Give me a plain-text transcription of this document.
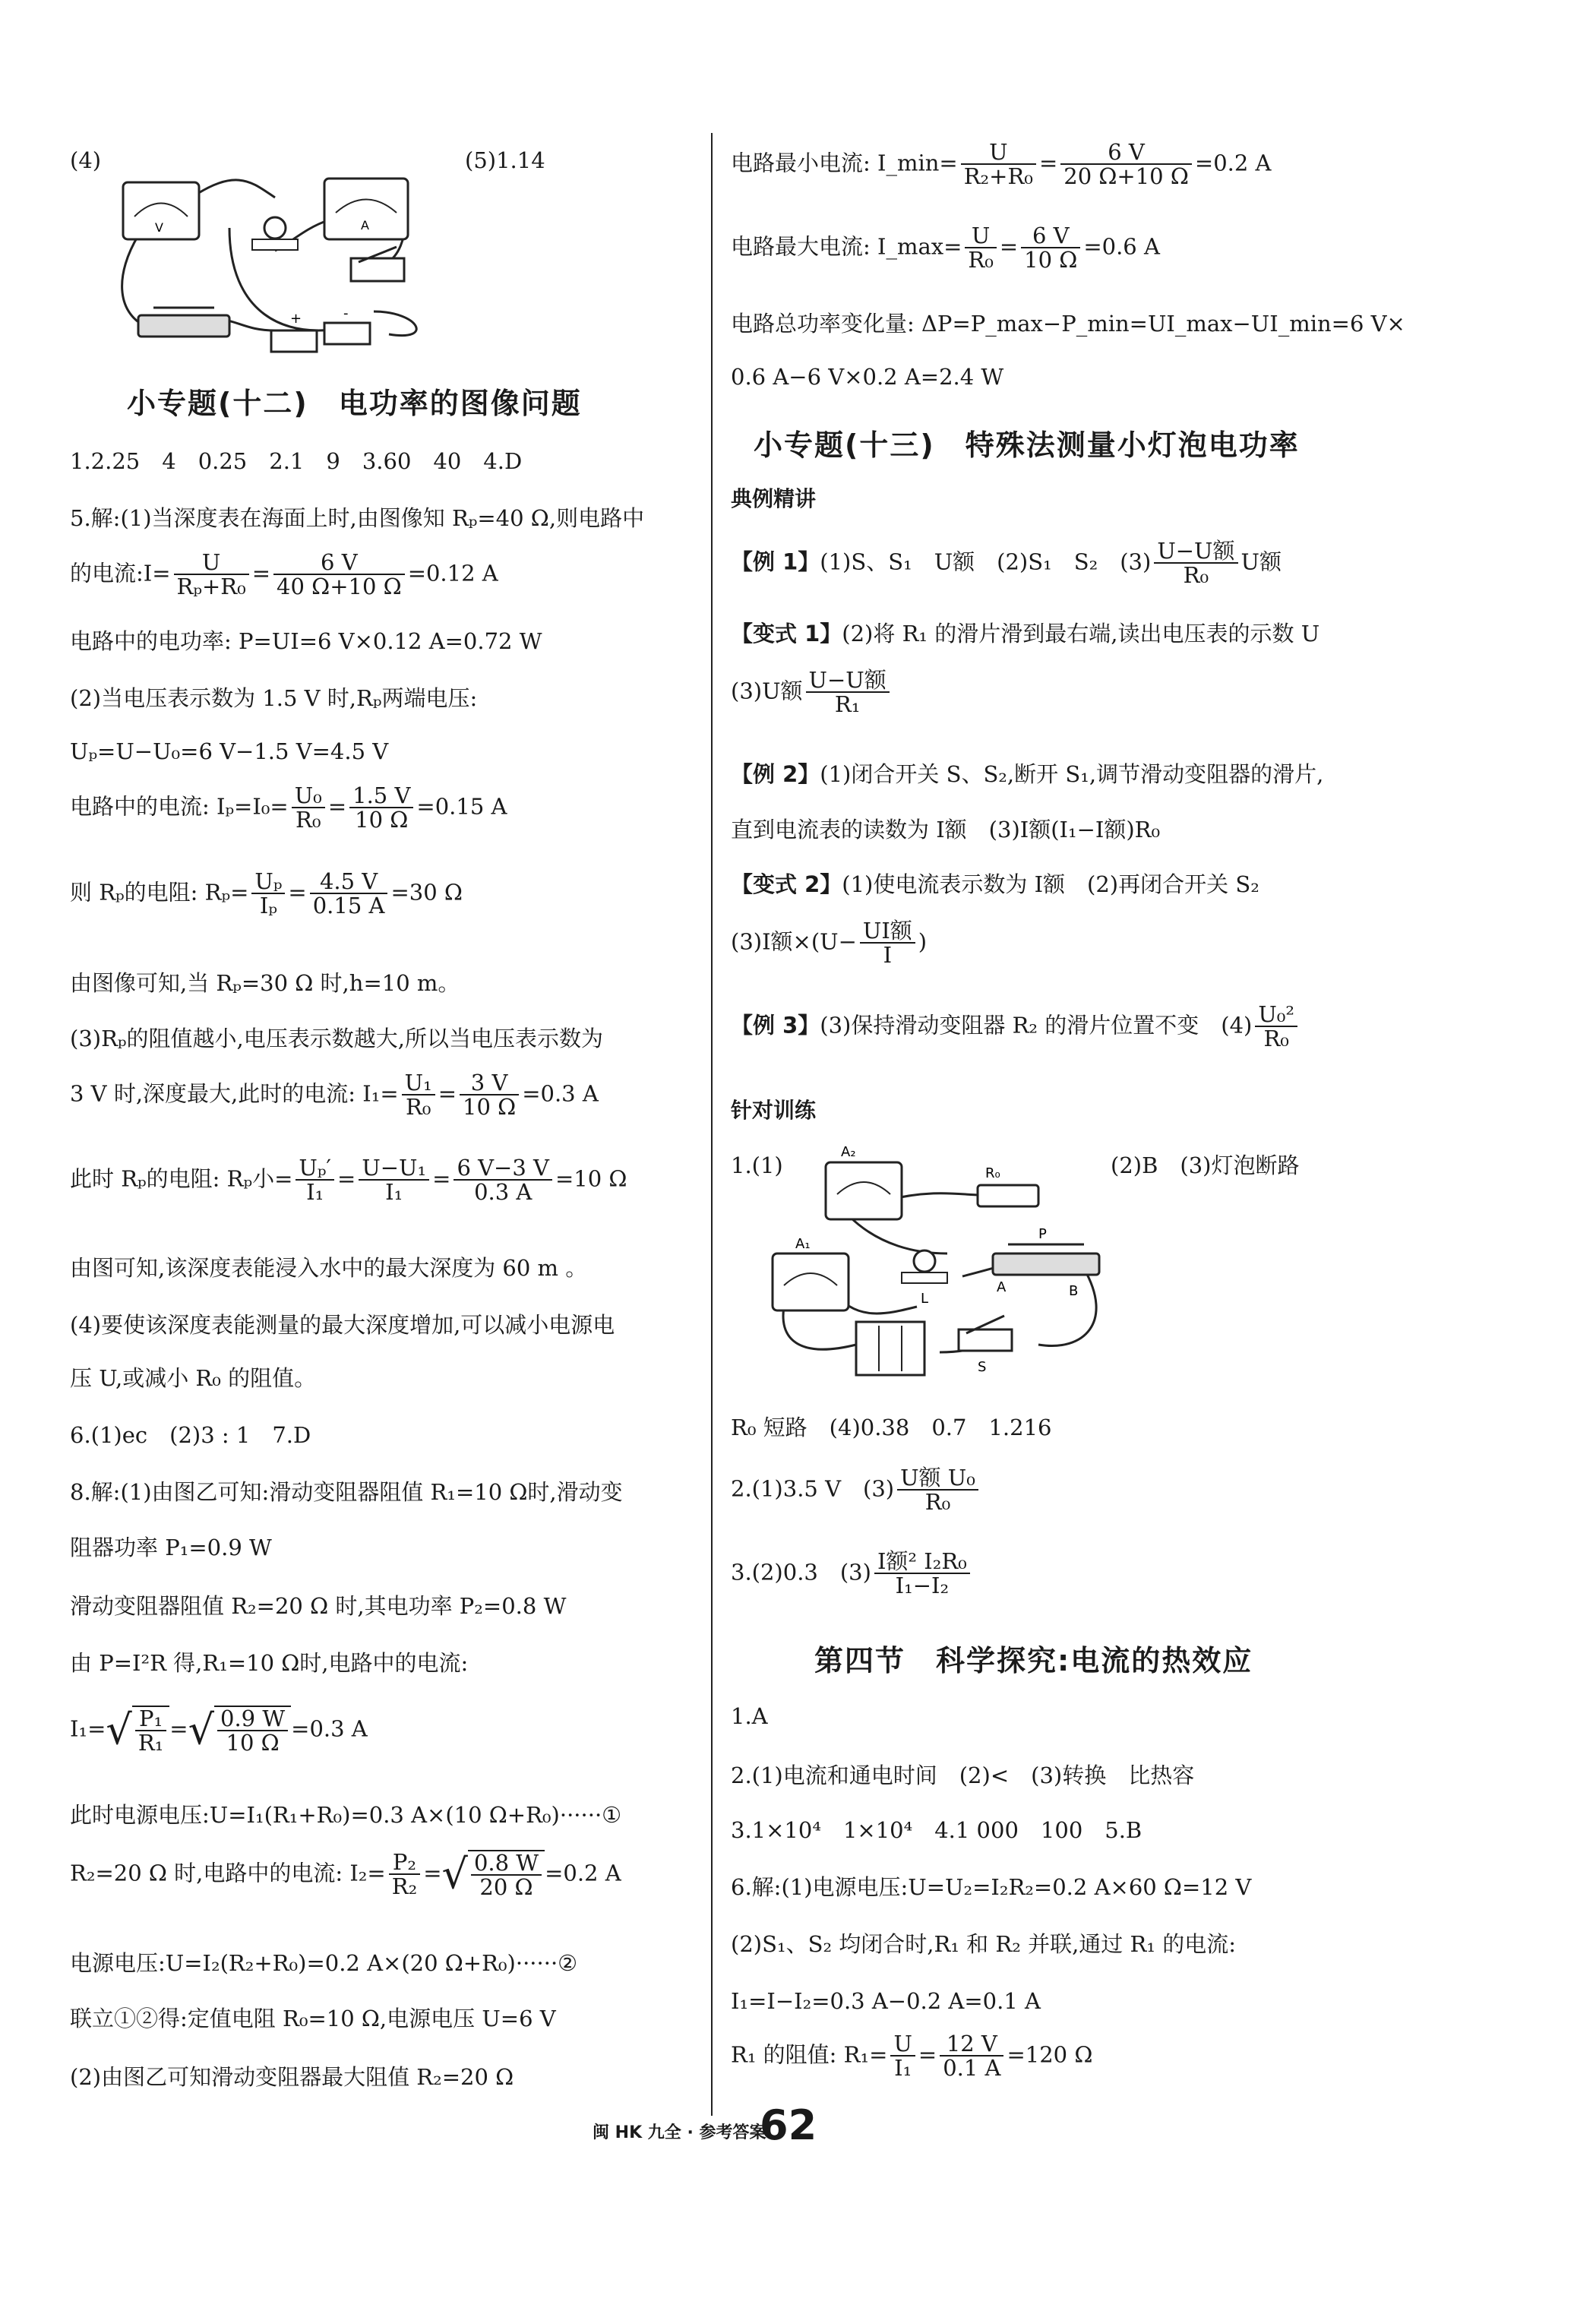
(4)	(5)1.14
V	A
+	-
小专题(十二)　电功率的图像问题
1.2.25　4　0.25　2.1　9　3.60　40　4.D
5.解:(1)当深度表在海面上时,由图像知 Rₚ=40 Ω,则电路中
的电流:I= $\frac{U}{\text{Rₚ+R₀}} = \frac{6 V}{40 \Omega+10 \Omega} =0.12$ A
电路中的电功率: P=UI=6 V×0.12 A=0.72 W
(2)当电压表示数为 1.5 V 时,Rₚ两端电压:
Uₚ=U−U₀=6 V−1.5 V=4.5 V
电路中的电流: $I_p=I_0= \frac{\text{U₀}}{\text{R₀}} = \frac{1.5 V}{10 \Omega} =0.15$ A
则 Rₚ的电阻: $R_p= \frac{\text{Uₚ}}{\text{Iₚ}} = \frac{4.5 V}{0.15 A} =30$ Ω
由图像可知,当 Rₚ=30 Ω 时,h=10 m。
(3)Rₚ的阻值越小,电压表示数越大,所以当电压表示数为
3 V 时,深度最大,此时的电流: $I_1= \frac{\text{U₁}}{\text{R₀}} = \frac{3 V}{10 \Omega} =0.3$ A
此时 Rₚ的电阻: Rₚ小= $\frac{\text{Uₚ′}}{\text{I₁}} = \frac{\text{U−U₁}}{\text{I₁}} = \frac{6 V-3 V}{0.3 A} =10$ Ω
由图可知,该深度表能浸入水中的最大深度为 60 m 。
(4)要使该深度表能测量的最大深度增加,可以减小电源电
压 U,或减小 R₀ 的阻值。
6.(1)ec　(2)3 : 1　7.D
8.解:(1)由图乙可知:滑动变阻器阻值 R₁=10 Ω时,滑动变
阻器功率 P₁=0.9 W
滑动变阻器阻值 R₂=20 Ω 时,其电功率 P₂=0.8 W
由 P=I²R 得,R₁=10 Ω时,电路中的电流:
$I_1=√ \frac{\text{P₁}}{\text{R₁}}$ =√ $\frac{0.9 W}{10 \Omega} =0.3$ A
此时电源电压:U=I₁(R₁+R₀)=0.3 A×(10 Ω+R₀)······①
R₂=20 Ω 时,电路中的电流: $I_2= \frac{\text{P₂}}{\text{R₂}}$ =√ $\frac{0.8 W}{20 \Omega} =0.2$ A
电源电压:U=I₂(R₂+R₀)=0.2 A×(20 Ω+R₀)······②
联立①②得:定值电阻 R₀=10 Ω,电源电压 U=6 V
(2)由图乙可知滑动变阻器最大阻值 R₂=20 Ω
电路最小电流: I_min= $\frac{U}{\text{R₂+R₀}} = \frac{6 V}{20 \Omega+10 \Omega} =0.2$ A
电路最大电流: I_max= $\frac{U}{\text{R₀}} = \frac{6 V}{10 \Omega} =0.6$ A
电路总功率变化量: ΔP=P_max−P_min=UI_max−UI_min=6 V×
0.6 A−6 V×0.2 A=2.4 W
小专题(十三)　特殊法测量小灯泡电功率
典例精讲
【例 1】(1)S、S₁　U额　(2)S₁　S₂　$(3) \frac{\text{U−U额}}{\text{R₀}}$ U额
【变式 1】(2)将 R₁ 的滑片滑到最右端,读出电压表的示数 U
(3)U额 $\frac{\text{U−U额}}{\text{R₁}}$
【例 2】(1)闭合开关 S、S₂,断开 S₁,调节滑动变阻器的滑片,
直到电流表的读数为 I额　(3)I额(I₁−I额)R₀
【变式 2】(1)使电流表示数为 I额　(2)再闭合开关 S₂
(3)I额$\times(U- \frac{\text{UI额}}{I}$ )
【例 3】(3)保持滑动变阻器 R₂ 的滑片位置不变　$(4) \frac{\text{U₀²}}{\text{R₀}}$
针对训练
1.(1)	(2)B　(3)灯泡断路
A₂
A₁
R₀
L
P
A	B
S
R₀ 短路　(4)0.38　0.7　1.216
2.(1)3.5 V　$(3) \frac{\text{U额 U₀}}{\text{R₀}}$
3.(2)0.3　$(3) \frac{\text{I额² I₂R₀}}{\text{I₁−I₂}}$
第四节　科学探究:电流的热效应
1.A
2.(1)电流和通电时间　(2)<　(3)转换　比热容
3.1×10⁴　1×10⁴　4.1 000　100　5.B
6.解:(1)电源电压:U=U₂=I₂R₂=0.2 A×60 Ω=12 V
(2)S₁、S₂ 均闭合时,R₁ 和 R₂ 并联,通过 R₁ 的电流:
I₁=I−I₂=0.3 A−0.2 A=0.1 A
R₁ 的阻值: $R_1= \frac{U}{\text{I₁}} = \frac{12 V}{0.1 A} =120$ Ω
闽 HK 九全 · 参考答案
62
